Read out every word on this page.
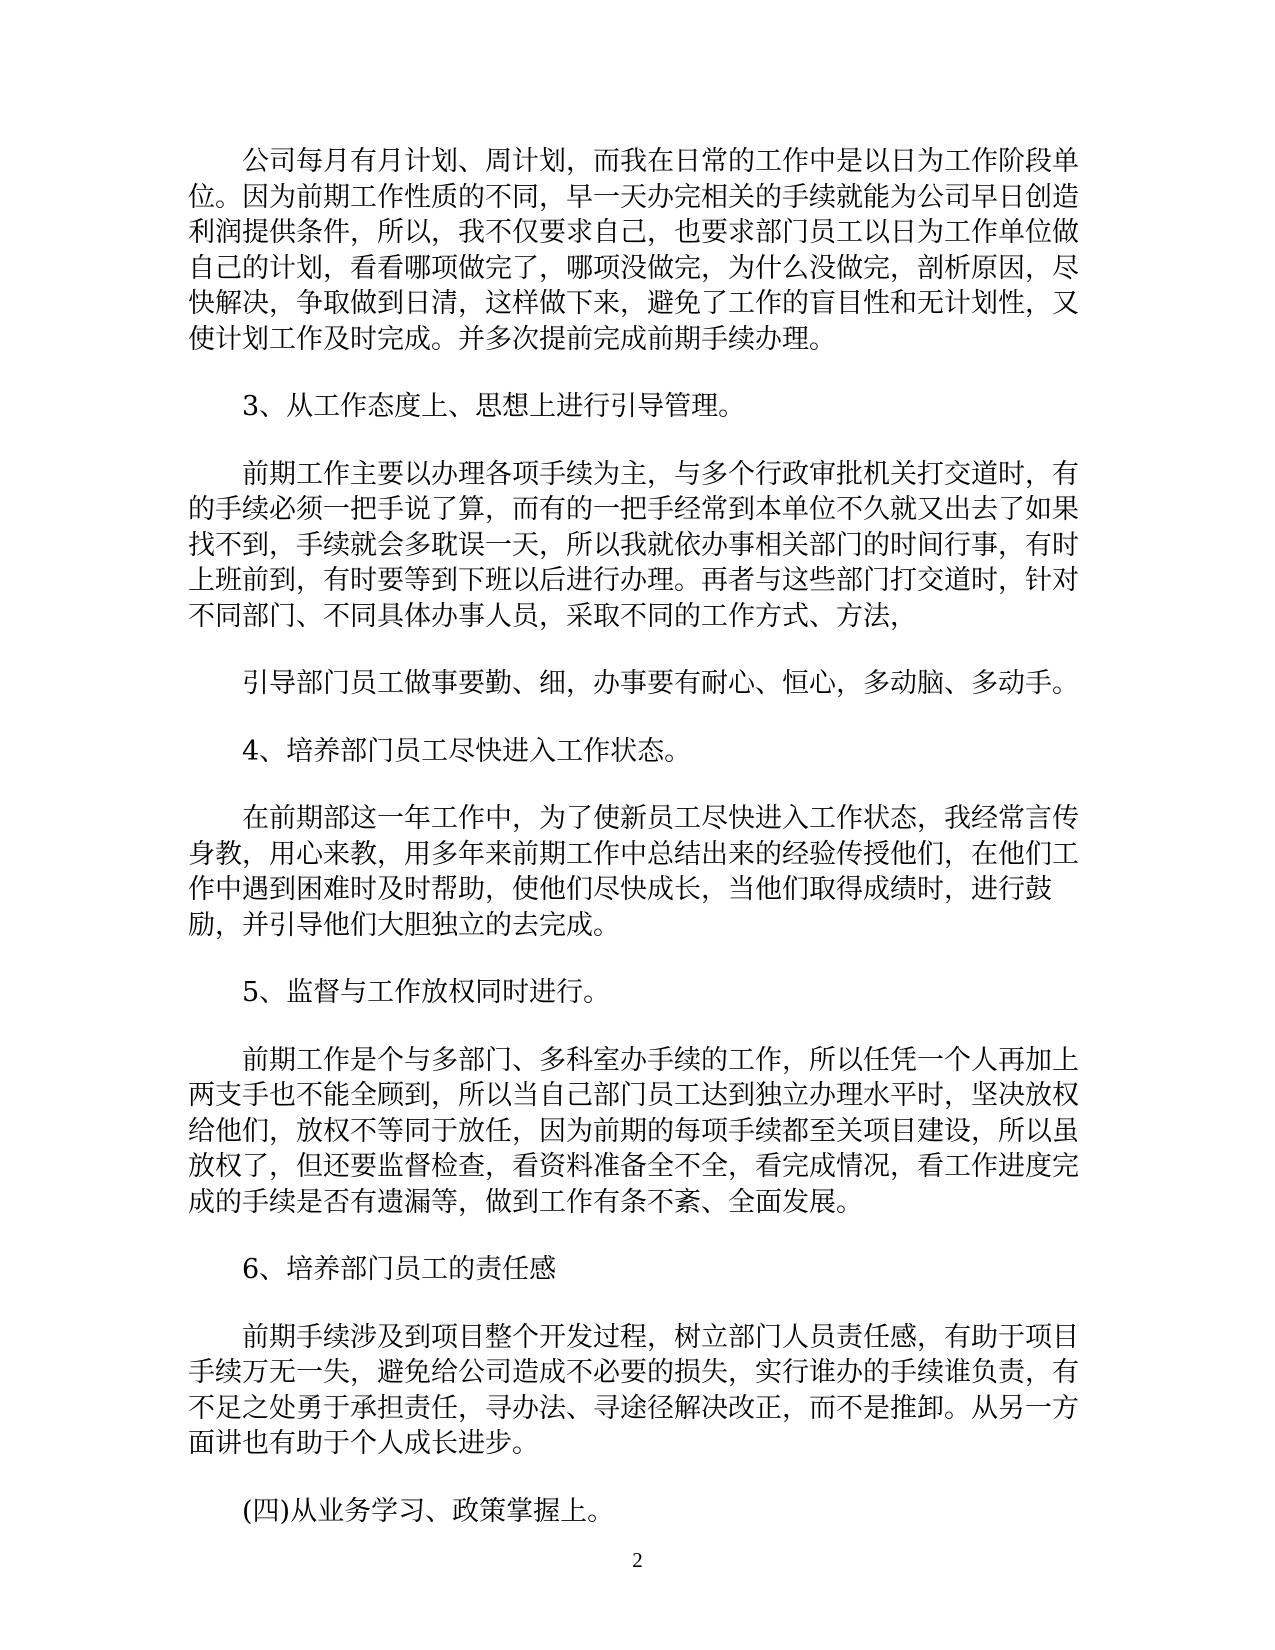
公司每月有月计划、周计划，而我在日常的工作中是以日为工作阶段单
位。因为前期工作性质的不同，早一天办完相关的手续就能为公司早日创造
利润提供条件，所以，我不仅要求自己，也要求部门员工以日为工作单位做
自己的计划，看看哪项做完了，哪项没做完，为什么没做完，剖析原因，尽
快解决，争取做到日清，这样做下来，避免了工作的盲目性和无计划性，又
使计划工作及时完成。并多次提前完成前期手续办理。

3、从工作态度上、思想上进行引导管理。

前期工作主要以办理各项手续为主，与多个行政审批机关打交道时，有
的手续必须一把手说了算，而有的一把手经常到本单位不久就又出去了如果
找不到，手续就会多耽误一天，所以我就依办事相关部门的时间行事，有时
上班前到，有时要等到下班以后进行办理。再者与这些部门打交道时，针对
不同部门、不同具体办事人员，采取不同的工作方式、方法，

引导部门员工做事要勤、细，办事要有耐心、恒心，多动脑、多动手。

4、培养部门员工尽快进入工作状态。

在前期部这一年工作中，为了使新员工尽快进入工作状态，我经常言传
身教，用心来教，用多年来前期工作中总结出来的经验传授他们，在他们工
作中遇到困难时及时帮助，使他们尽快成长，当他们取得成绩时，进行鼓
励，并引导他们大胆独立的去完成。

5、监督与工作放权同时进行。

前期工作是个与多部门、多科室办手续的工作，所以任凭一个人再加上
两支手也不能全顾到，所以当自己部门员工达到独立办理水平时，坚决放权
给他们，放权不等同于放任，因为前期的每项手续都至关项目建设，所以虽
放权了，但还要监督检查，看资料准备全不全，看完成情况，看工作进度完
成的手续是否有遗漏等，做到工作有条不紊、全面发展。

6、培养部门员工的责任感

前期手续涉及到项目整个开发过程，树立部门人员责任感，有助于项目
手续万无一失，避免给公司造成不必要的损失，实行谁办的手续谁负责，有
不足之处勇于承担责任，寻办法、寻途径解决改正，而不是推卸。从另一方
面讲也有助于个人成长进步。

(四)从业务学习、政策掌握上。

2
